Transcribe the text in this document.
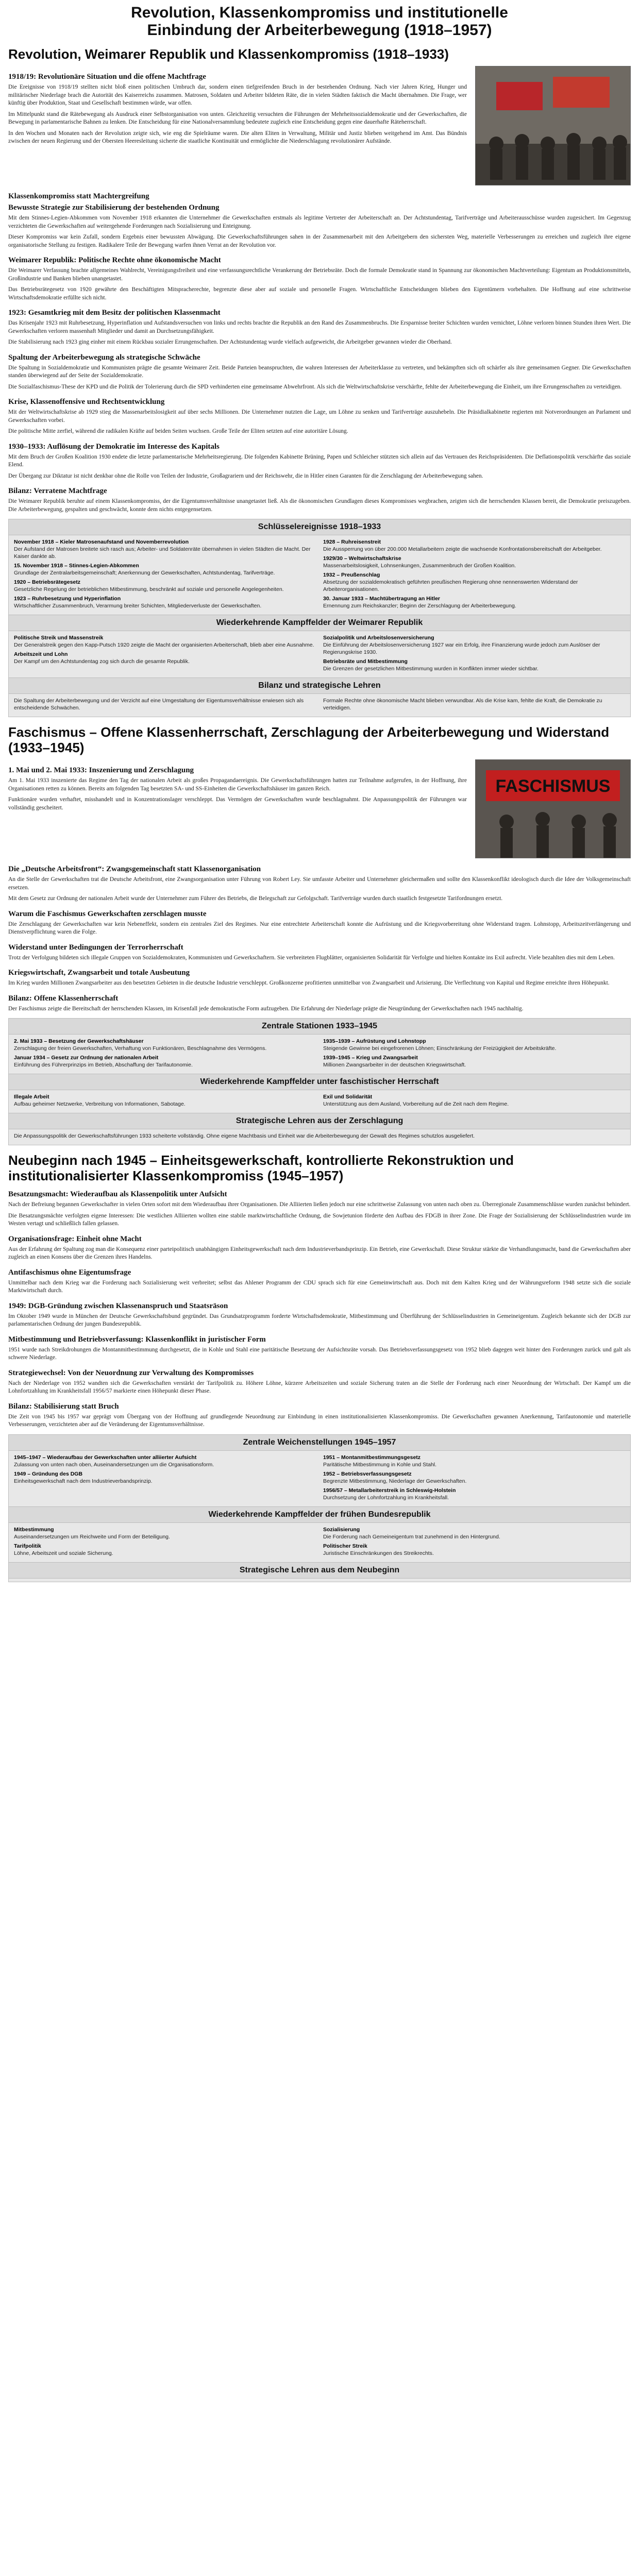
Revolution, Klassenkompromiss und institutionelle
Einbindung der Arbeiterbewegung (1918–1957)
Revolution, Weimarer Republik und Klassenkompromiss (1918–1933)
1918/19: Revolutionäre Situation und die offene Machtfrage

Die Ereignisse von 1918/19 stellten nicht bloß einen politischen Umbruch dar, sondern einen tiefgreifenden Bruch in der bestehenden Ordnung. Nach vier Jahren Krieg, Hunger und militärischer Niederlage brach die Autorität des Kaiserreichs zusammen. Matrosen, Soldaten und Arbeiter bildeten Räte, die in vielen Städten faktisch die Macht übernahmen. Die Frage, wer künftig über Produktion, Staat und Gesellschaft bestimmen würde, war offen.

Im Mittelpunkt stand die Rätebewegung als Ausdruck einer Selbstorganisation von unten. Gleichzeitig versuchten die Führungen der Mehrheitssozialdemokratie und der Gewerkschaften, die Bewegung in parlamentarische Bahnen zu lenken. Die Entscheidung für eine Nationalversammlung bedeutete zugleich eine Entscheidung gegen eine dauerhafte Räteherrschaft.

In den Wochen und Monaten nach der Revolution zeigte sich, wie eng die Spielräume waren. Die alten Eliten in Verwaltung, Militär und Justiz blieben weitgehend im Amt. Das Bündnis zwischen der neuen Regierung und der Obersten Heeresleitung sicherte die staatliche Kontinuität und ermöglichte die Niederschlagung revolutionärer Aufstände.

Klassenkompromiss statt Machtergreifung
Bewusste Strategie zur Stabilisierung der bestehenden Ordnung

Mit dem Stinnes-Legien-Abkommen vom November 1918 erkannten die Unternehmer die Gewerkschaften erstmals als legitime Vertreter der Arbeiterschaft an. Der Achtstundentag, Tarifverträge und Arbeiterausschüsse wurden zugesichert. Im Gegenzug verzichteten die Gewerkschaften auf weitergehende Forderungen nach Sozialisierung und Enteignung.

Dieser Kompromiss war kein Zufall, sondern Ergebnis einer bewussten Abwägung. Die Gewerkschaftsführungen sahen in der Zusammenarbeit mit den Arbeitgebern den sichersten Weg, materielle Verbesserungen zu erreichen und zugleich ihre eigene organisatorische Stellung zu festigen. Radikalere Teile der Bewegung warfen ihnen Verrat an der Revolution vor.

Weimarer Republik: Politische Rechte ohne ökonomische Macht

Die Weimarer Verfassung brachte allgemeines Wahlrecht, Vereinigungsfreiheit und eine verfassungsrechtliche Verankerung der Betriebsräte. Doch die formale Demokratie stand in Spannung zur ökonomischen Machtverteilung: Eigentum an Produktionsmitteln, Großindustrie und Banken blieben unangetastet.

Das Betriebsrätegesetz von 1920 gewährte den Beschäftigten Mitspracherechte, begrenzte diese aber auf soziale und personelle Fragen. Wirtschaftliche Entscheidungen blieben den Eigentümern vorbehalten. Die Hoffnung auf eine schrittweise Wirtschaftsdemokratie erfüllte sich nicht.

1923: Gesamtkrieg mit dem Besitz der politischen Klassenmacht

Das Krisenjahr 1923 mit Ruhrbesetzung, Hyperinflation und Aufstandsversuchen von links und rechts brachte die Republik an den Rand des Zusammenbruchs. Die Ersparnisse breiter Schichten wurden vernichtet, Löhne verloren binnen Stunden ihren Wert. Die Gewerkschaften verloren massenhaft Mitglieder und damit an Durchsetzungsfähigkeit.

Die Stabilisierung nach 1923 ging einher mit einem Rückbau sozialer Errungenschaften. Der Achtstundentag wurde vielfach aufgeweicht, die Arbeitgeber gewannen wieder die Oberhand.

Spaltung der Arbeiterbewegung als strategische Schwäche

Die Spaltung in Sozialdemokratie und Kommunisten prägte die gesamte Weimarer Zeit. Beide Parteien beanspruchten, die wahren Interessen der Arbeiterklasse zu vertreten, und bekämpften sich oft schärfer als ihre gemeinsamen Gegner. Die Gewerkschaften standen überwiegend auf der Seite der Sozialdemokratie.

Die Sozialfaschismus-These der KPD und die Politik der Tolerierung durch die SPD verhinderten eine gemeinsame Abwehrfront. Als sich die Weltwirtschaftskrise verschärfte, fehlte der Arbeiterbewegung die Einheit, um ihre Errungenschaften zu verteidigen.

Krise, Klassenoffensive und Rechtsentwicklung

Mit der Weltwirtschaftskrise ab 1929 stieg die Massenarbeitslosigkeit auf über sechs Millionen. Die Unternehmer nutzten die Lage, um Löhne zu senken und Tarifverträge auszuhebeln. Die Präsidialkabinette regierten mit Notverordnungen an Parlament und Gewerkschaften vorbei.

Die politische Mitte zerfiel, während die radikalen Kräfte auf beiden Seiten wuchsen. Große Teile der Eliten setzten auf eine autoritäre Lösung.

1930–1933: Auflösung der Demokratie im Interesse des Kapitals

Mit dem Bruch der Großen Koalition 1930 endete die letzte parlamentarische Mehrheitsregierung. Die folgenden Kabinette Brüning, Papen und Schleicher stützten sich allein auf das Vertrauen des Reichspräsidenten. Die Deflationspolitik verschärfte das soziale Elend.

Der Übergang zur Diktatur ist nicht denkbar ohne die Rolle von Teilen der Industrie, Großagrariern und der Reichswehr, die in Hitler einen Garanten für die Zerschlagung der Arbeiterbewegung sahen.

Bilanz: Verratene Machtfrage

Die Weimarer Republik beruhte auf einem Klassenkompromiss, der die Eigentumsverhältnisse unangetastet ließ. Als die ökonomischen Grundlagen dieses Kompromisses wegbrachen, zeigten sich die herrschenden Klassen bereit, die Demokratie preiszugeben. Die Arbeiterbewegung, gespalten und geschwächt, konnte dem nichts entgegensetzen.

Schlüsselereignisse 1918–1933

November 1918 – Kieler Matrosenaufstand und Novemberrevolution
Der Aufstand der Matrosen breitete sich rasch aus; Arbeiter- und Soldatenräte übernahmen in vielen Städten die Macht. Der Kaiser dankte ab.

15. November 1918 – Stinnes-Legien-Abkommen
Grundlage der Zentralarbeitsgemeinschaft; Anerkennung der Gewerkschaften, Achtstundentag, Tarifverträge.

1920 – Betriebsrätegesetz
Gesetzliche Regelung der betrieblichen Mitbestimmung, beschränkt auf soziale und personelle Angelegenheiten.

1923 – Ruhrbesetzung und Hyperinflation
Wirtschaftlicher Zusammenbruch, Verarmung breiter Schichten, Mitgliederverluste der Gewerkschaften.

1928 – Ruhreisenstreit
Die Aussperrung von über 200.000 Metallarbeitern zeigte die wachsende Konfrontationsbereitschaft der Arbeitgeber.

1929/30 – Weltwirtschaftskrise
Massenarbeitslosigkeit, Lohnsenkungen, Zusammenbruch der Großen Koalition.

1932 – Preußenschlag
Absetzung der sozialdemokratisch geführten preußischen Regierung ohne nennenswerten Widerstand der Arbeiterorganisationen.

30. Januar 1933 – Machtübertragung an Hitler
Ernennung zum Reichskanzler; Beginn der Zerschlagung der Arbeiterbewegung.

Wiederkehrende Kampffelder der Weimarer Republik

Politische Streik und Massenstreik
Der Generalstreik gegen den Kapp-Putsch 1920 zeigte die Macht der organisierten Arbeiterschaft, blieb aber eine Ausnahme.

Arbeitszeit und Lohn
Der Kampf um den Achtstundentag zog sich durch die gesamte Republik.

Sozialpolitik und Arbeitslosenversicherung
Die Einführung der Arbeitslosenversicherung 1927 war ein Erfolg, ihre Finanzierung wurde jedoch zum Auslöser der Regierungskrise 1930.

Betriebsräte und Mitbestimmung
Die Grenzen der gesetzlichen Mitbestimmung wurden in Konflikten immer wieder sichtbar.

Bilanz und strategische Lehren

Die Spaltung der Arbeiterbewegung und der Verzicht auf eine Umgestaltung der Eigentumsverhältnisse erwiesen sich als entscheidende Schwächen.

Formale Rechte ohne ökonomische Macht blieben verwundbar. Als die Krise kam, fehlte die Kraft, die Demokratie zu verteidigen.

Faschismus – Offene Klassenherrschaft, Zerschlagung der Arbeiterbewegung und Widerstand (1933–1945)
1. Mai und 2. Mai 1933: Inszenierung und Zerschlagung

Am 1. Mai 1933 inszenierte das Regime den Tag der nationalen Arbeit als großes Propagandaereignis. Die Gewerkschaftsführungen hatten zur Teilnahme aufgerufen, in der Hoffnung, ihre Organisationen retten zu können. Bereits am folgenden Tag besetzten SA- und SS-Einheiten die Gewerkschaftshäuser im ganzen Reich.

Funktionäre wurden verhaftet, misshandelt und in Konzentrationslager verschleppt. Das Vermögen der Gewerkschaften wurde beschlagnahmt. Die Anpassungspolitik der Führungen war vollständig gescheitert.

FASCHISMUS
Die „Deutsche Arbeitsfront“: Zwangsgemeinschaft statt Klassenorganisation

An die Stelle der Gewerkschaften trat die Deutsche Arbeitsfront, eine Zwangsorganisation unter Führung von Robert Ley. Sie umfasste Arbeiter und Unternehmer gleichermaßen und sollte den Klassenkonflikt ideologisch durch die Idee der Volksgemeinschaft ersetzen.

Mit dem Gesetz zur Ordnung der nationalen Arbeit wurde der Unternehmer zum Führer des Betriebs, die Belegschaft zur Gefolgschaft. Tarifverträge wurden durch staatlich festgesetzte Tarifordnungen ersetzt.

Warum die Faschismus Gewerkschaften zerschlagen musste

Die Zerschlagung der Gewerkschaften war kein Nebeneffekt, sondern ein zentrales Ziel des Regimes. Nur eine entrechtete Arbeiterschaft konnte die Aufrüstung und die Kriegsvorbereitung ohne Widerstand tragen. Lohnstopp, Arbeitszeitverlängerung und Dienstverpflichtung waren die Folge.

Widerstand unter Bedingungen der Terrorherrschaft

Trotz der Verfolgung bildeten sich illegale Gruppen von Sozialdemokraten, Kommunisten und Gewerkschaftern. Sie verbreiteten Flugblätter, organisierten Solidarität für Verfolgte und hielten Kontakte ins Exil aufrecht. Viele bezahlten dies mit dem Leben.

Kriegswirtschaft, Zwangsarbeit und totale Ausbeutung

Im Krieg wurden Millionen Zwangsarbeiter aus den besetzten Gebieten in die deutsche Industrie verschleppt. Großkonzerne profitierten unmittelbar von Zwangsarbeit und Arisierung. Die Verflechtung von Kapital und Regime erreichte ihren Höhepunkt.

Bilanz: Offene Klassenherrschaft

Der Faschismus zeigte die Bereitschaft der herrschenden Klassen, im Krisenfall jede demokratische Form aufzugeben. Die Erfahrung der Niederlage prägte die Neugründung der Gewerkschaften nach 1945 nachhaltig.

Zentrale Stationen 1933–1945

2. Mai 1933 – Besetzung der Gewerkschaftshäuser
Zerschlagung der freien Gewerkschaften, Verhaftung von Funktionären, Beschlagnahme des Vermögens.

Januar 1934 – Gesetz zur Ordnung der nationalen Arbeit
Einführung des Führerprinzips im Betrieb, Abschaffung der Tarifautonomie.

1935–1939 – Aufrüstung und Lohnstopp
Steigende Gewinne bei eingefrorenen Löhnen; Einschränkung der Freizügigkeit der Arbeitskräfte.

1939–1945 – Krieg und Zwangsarbeit
Millionen Zwangsarbeiter in der deutschen Kriegswirtschaft.

Wiederkehrende Kampffelder unter faschistischer Herrschaft

Illegale Arbeit
Aufbau geheimer Netzwerke, Verbreitung von Informationen, Sabotage.

Exil und Solidarität
Unterstützung aus dem Ausland, Vorbereitung auf die Zeit nach dem Regime.

Strategische Lehren aus der Zerschlagung

Die Anpassungspolitik der Gewerkschaftsführungen 1933 scheiterte vollständig. Ohne eigene Machtbasis und Einheit war die Arbeiterbewegung der Gewalt des Regimes schutzlos ausgeliefert.

Neubeginn nach 1945 – Einheitsgewerkschaft, kontrollierte Rekonstruktion und institutionalisierter Klassenkompromiss (1945–1957)
Besatzungsmacht: Wiederaufbau als Klassenpolitik unter Aufsicht

Nach der Befreiung begannen Gewerkschafter in vielen Orten sofort mit dem Wiederaufbau ihrer Organisationen. Die Alliierten ließen jedoch nur eine schrittweise Zulassung von unten nach oben zu. Überregionale Zusammenschlüsse wurden zunächst behindert.

Die Besatzungsmächte verfolgten eigene Interessen: Die westlichen Alliierten wollten eine stabile marktwirtschaftliche Ordnung, die Sowjetunion förderte den Aufbau des FDGB in ihrer Zone. Die Frage der Sozialisierung der Schlüsselindustrien wurde im Westen vertagt und schließlich fallen gelassen.

Organisationsfrage: Einheit ohne Macht

Aus der Erfahrung der Spaltung zog man die Konsequenz einer parteipolitisch unabhängigen Einheitsgewerkschaft nach dem Industrieverbandsprinzip. Ein Betrieb, eine Gewerkschaft. Diese Struktur stärkte die Verhandlungsmacht, band die Gewerkschaften aber zugleich an einen Konsens über die Grenzen ihres Handelns.

Antifaschismus ohne Eigentumsfrage

Unmittelbar nach dem Krieg war die Forderung nach Sozialisierung weit verbreitet; selbst das Ahlener Programm der CDU sprach sich für eine Gemeinwirtschaft aus. Doch mit dem Kalten Krieg und der Währungsreform 1948 setzte sich die soziale Marktwirtschaft durch.

1949: DGB-Gründung zwischen Klassenanspruch und Staatsräson

Im Oktober 1949 wurde in München der Deutsche Gewerkschaftsbund gegründet. Das Grundsatzprogramm forderte Wirtschaftsdemokratie, Mitbestimmung und Überführung der Schlüsselindustrien in Gemeineigentum. Zugleich bekannte sich der DGB zur parlamentarischen Ordnung der jungen Bundesrepublik.

Mitbestimmung und Betriebsverfassung: Klassenkonflikt in juristischer Form

1951 wurde nach Streikdrohungen die Montanmitbestimmung durchgesetzt, die in Kohle und Stahl eine paritätische Besetzung der Aufsichtsräte vorsah. Das Betriebsverfassungsgesetz von 1952 blieb dagegen weit hinter den Forderungen zurück und galt als schwere Niederlage.

Strategiewechsel: Von der Neuordnung zur Verwaltung des Kompromisses

Nach der Niederlage von 1952 wandten sich die Gewerkschaften verstärkt der Tarifpolitik zu. Höhere Löhne, kürzere Arbeitszeiten und soziale Sicherung traten an die Stelle der Forderung nach einer Neuordnung der Wirtschaft. Der Kampf um die Lohnfortzahlung im Krankheitsfall 1956/57 markierte einen Höhepunkt dieser Phase.

Bilanz: Stabilisierung statt Bruch

Die Zeit von 1945 bis 1957 war geprägt vom Übergang von der Hoffnung auf grundlegende Neuordnung zur Einbindung in einen institutionalisierten Klassenkompromiss. Die Gewerkschaften gewannen Anerkennung, Tarifautonomie und materielle Verbesserungen, verzichteten aber auf die Veränderung der Eigentumsverhältnisse.

Zentrale Weichenstellungen 1945–1957

1945–1947 – Wiederaufbau der Gewerkschaften unter alliierter Aufsicht
Zulassung von unten nach oben, Auseinandersetzungen um die Organisationsform.

1949 – Gründung des DGB
Einheitsgewerkschaft nach dem Industrieverbandsprinzip.

1951 – Montanmitbestimmungsgesetz
Paritätische Mitbestimmung in Kohle und Stahl.

1952 – Betriebsverfassungsgesetz
Begrenzte Mitbestimmung, Niederlage der Gewerkschaften.

1956/57 – Metallarbeiterstreik in Schleswig-Holstein
Durchsetzung der Lohnfortzahlung im Krankheitsfall.

Wiederkehrende Kampffelder der frühen Bundesrepublik

Mitbestimmung
Auseinandersetzungen um Reichweite und Form der Beteiligung.

Tarifpolitik
Löhne, Arbeitszeit und soziale Sicherung.

Sozialisierung
Die Forderung nach Gemeineigentum trat zunehmend in den Hintergrund.

Politischer Streik
Juristische Einschränkungen des Streikrechts.

Strategische Lehren aus dem Neubeginn
